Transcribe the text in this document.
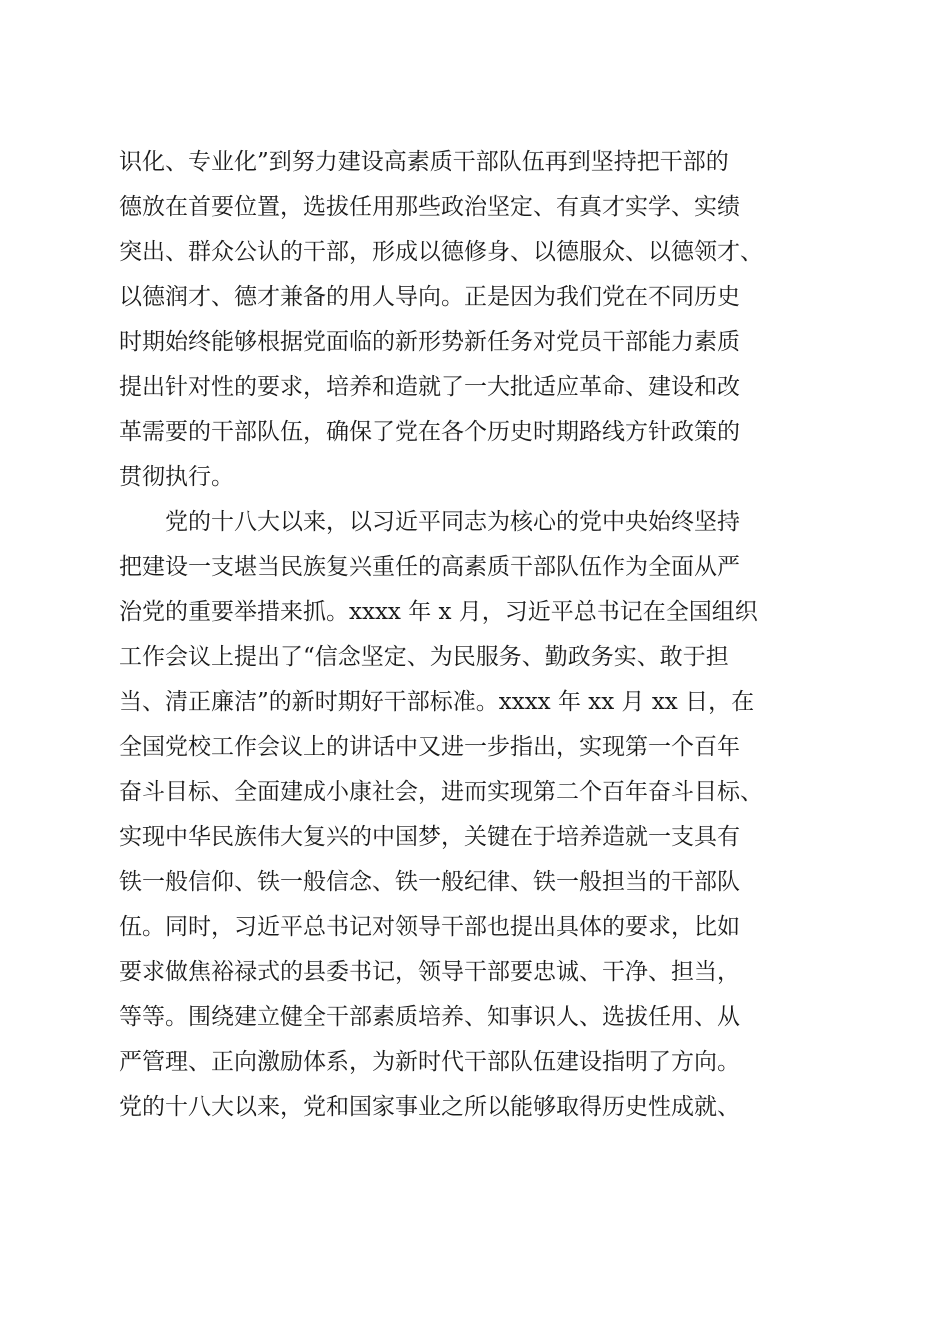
识化、专业化”到努力建设高素质干部队伍再到坚持把干部的
德放在首要位置，选拔任用那些政治坚定、有真才实学、实绩
突出、群众公认的干部，形成以德修身、以德服众、以德领才、
以德润才、德才兼备的用人导向。正是因为我们党在不同历史
时期始终能够根据党面临的新形势新任务对党员干部能力素质
提出针对性的要求，培养和造就了一大批适应革命、建设和改
革需要的干部队伍，确保了党在各个历史时期路线方针政策的
贯彻执行。
党的十八大以来，以习近平同志为核心的党中央始终坚持
把建设一支堪当民族复兴重任的高素质干部队伍作为全面从严
治党的重要举措来抓。xxxx 年 x 月，习近平总书记在全国组织
工作会议上提出了“信念坚定、为民服务、勤政务实、敢于担
当、清正廉洁”的新时期好干部标准。xxxx 年 xx 月 xx 日，在
全国党校工作会议上的讲话中又进一步指出，实现第一个百年
奋斗目标、全面建成小康社会，进而实现第二个百年奋斗目标、
实现中华民族伟大复兴的中国梦，关键在于培养造就一支具有
铁一般信仰、铁一般信念、铁一般纪律、铁一般担当的干部队
伍。同时，习近平总书记对领导干部也提出具体的要求，比如
要求做焦裕禄式的县委书记，领导干部要忠诚、干净、担当，
等等。围绕建立健全干部素质培养、知事识人、选拔任用、从
严管理、正向激励体系，为新时代干部队伍建设指明了方向。
党的十八大以来，党和国家事业之所以能够取得历史性成就、
